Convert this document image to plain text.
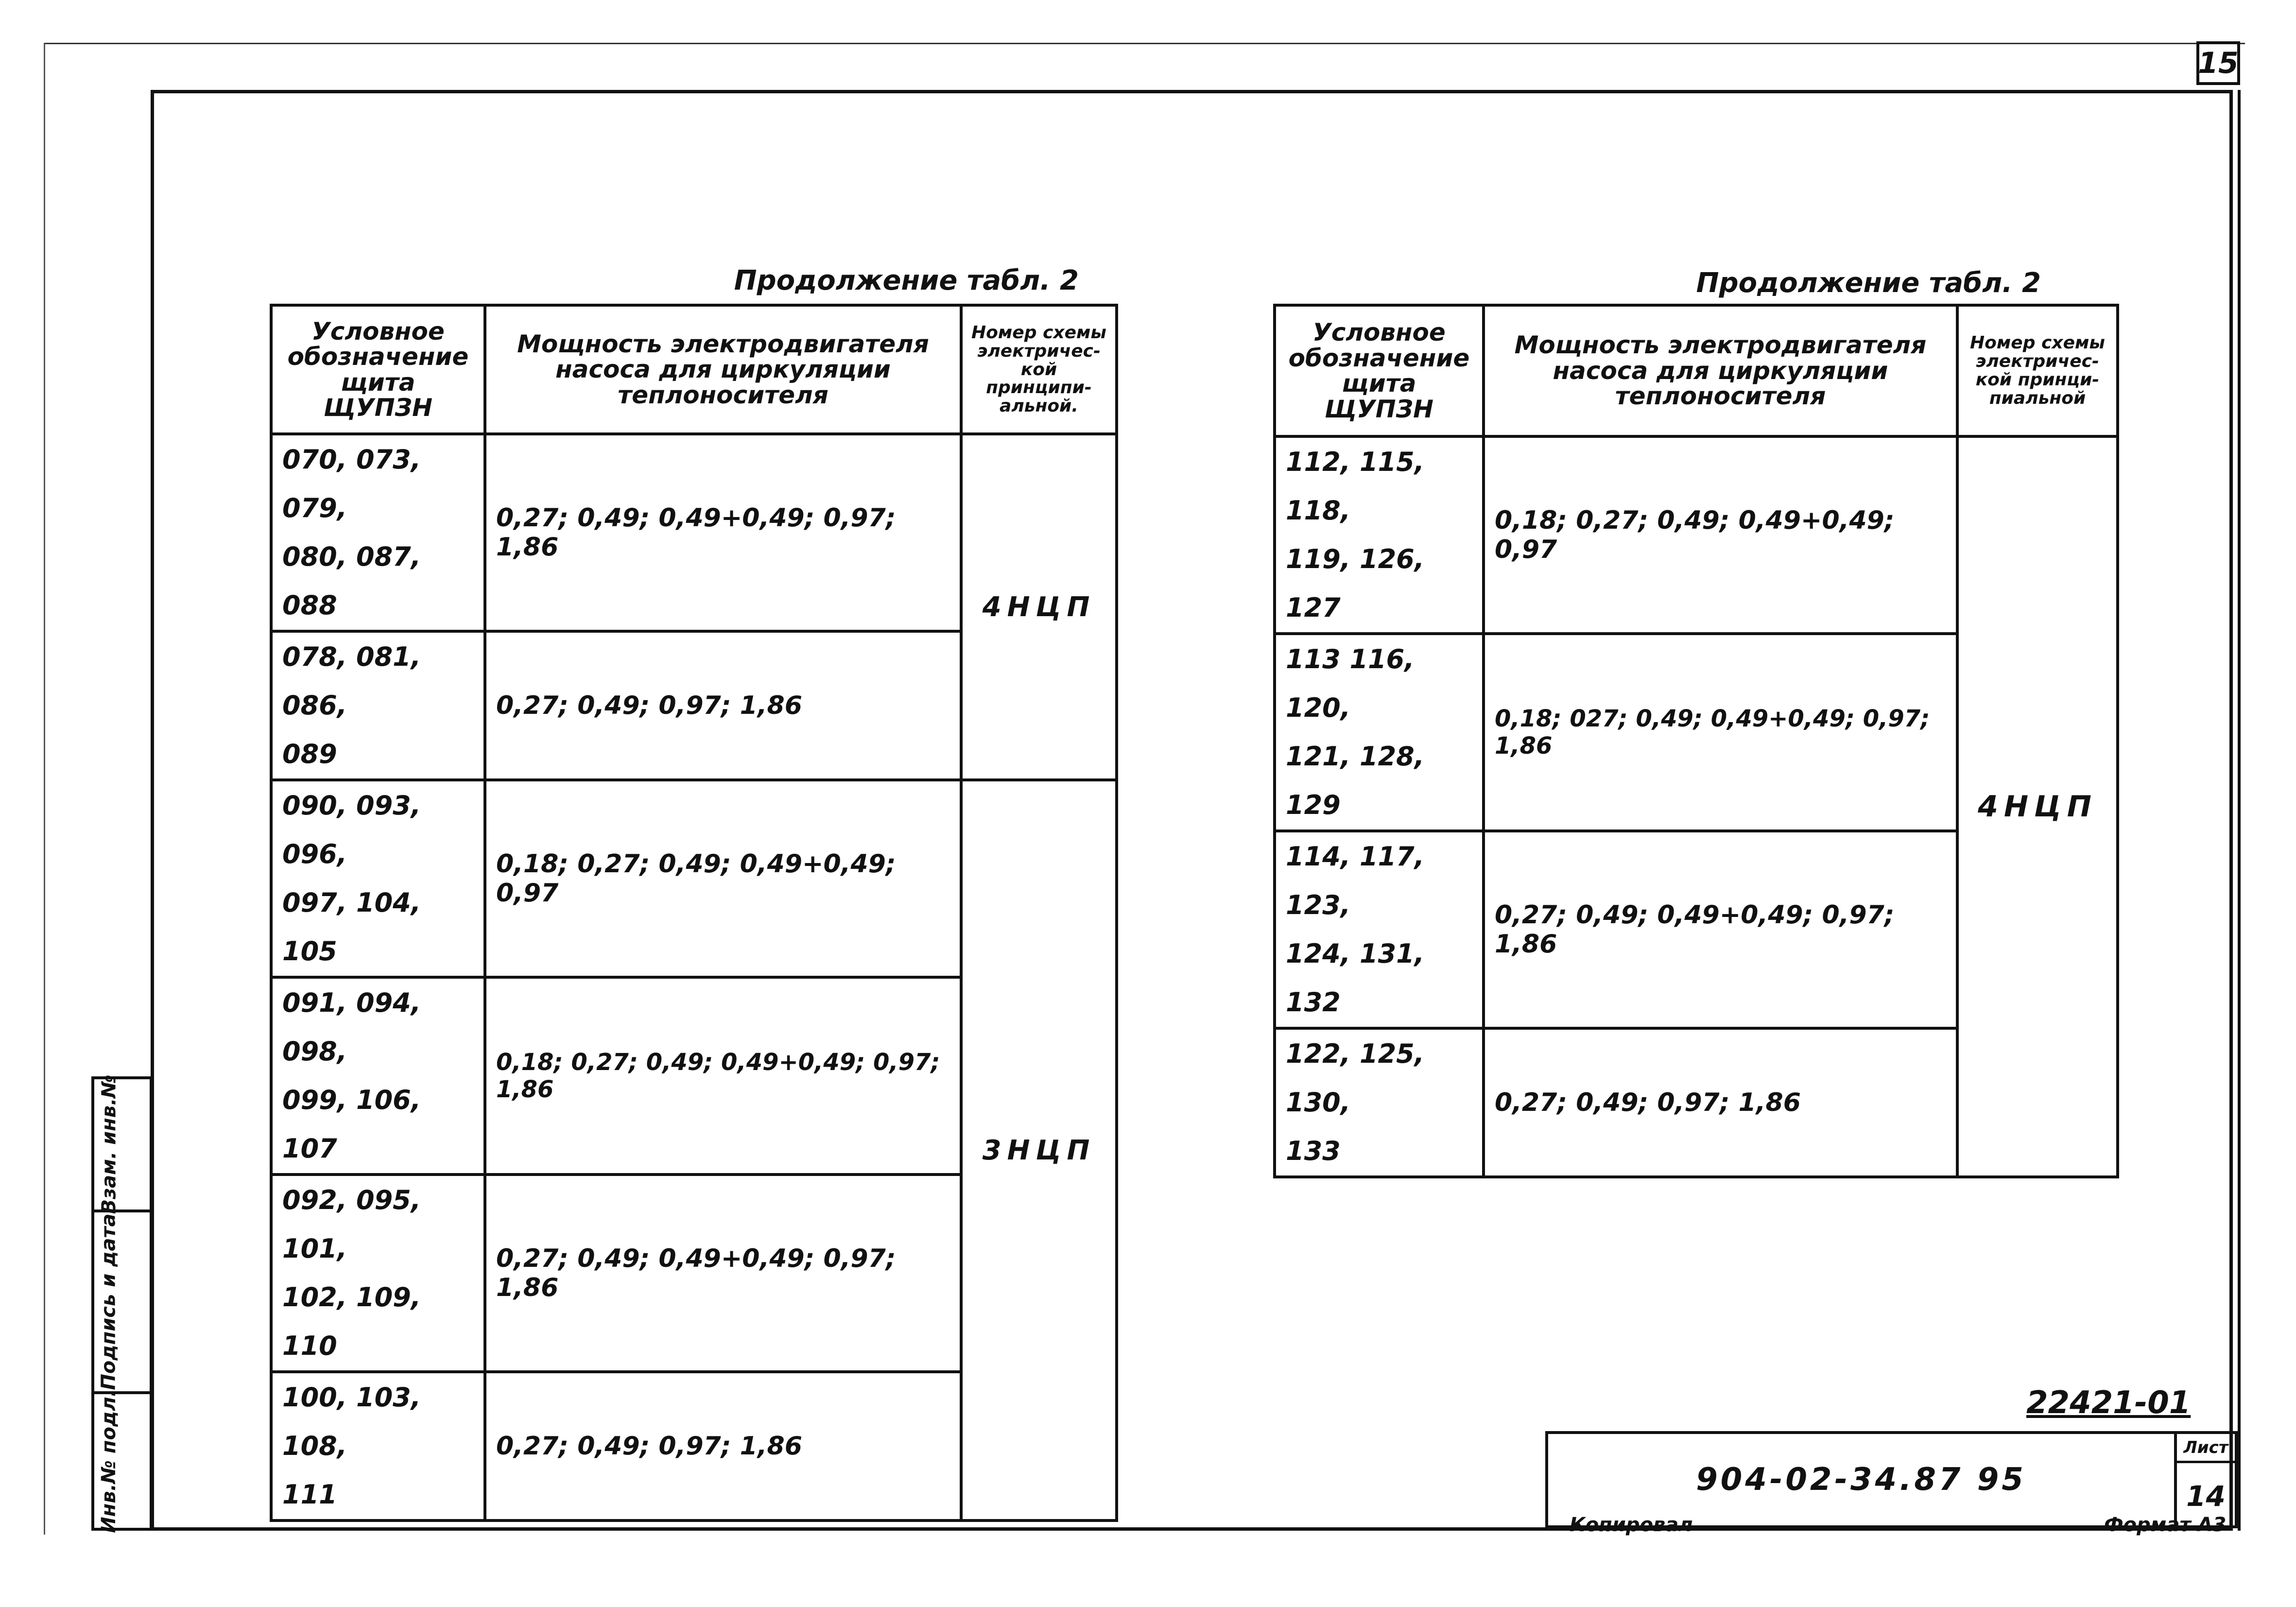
15
Продолжение табл. 2
Условное обозначение щита ЩУПЗН	Мощность электродвигателя насоса для циркуляции теплоносителя	Номер схемы электричес-кой принципи-альной.

070, 073, 079,
080, 087, 088	0,27; 0,49; 0,49+0,49; 0,97; 1,86	4НЦП

078, 081, 086,
089	0,27; 0,49; 0,97; 1,86	

090, 093, 096,
097, 104, 105	0,18; 0,27; 0,49; 0,49+0,49; 0,97	3НЦП

091, 094, 098,
099, 106, 107	0,18; 0,27; 0,49; 0,49+0,49; 0,97; 1,86	

092, 095, 101,
102, 109, 110	0,27; 0,49; 0,49+0,49; 0,97; 1,86	

100, 103, 108,
111	0,27; 0,49; 0,97; 1,86	
Продолжение табл. 2
Условное обозначение щита ЩУПЗН	Мощность электродвигателя насоса для циркуляции теплоносителя	Номер схемы электричес-кой принци-пиальной

112, 115, 118,
119, 126, 127	0,18; 0,27; 0,49; 0,49+0,49; 0,97	4НЦП

113 116, 120,
121, 128, 129	0,18; 027; 0,49; 0,49+0,49; 0,97; 1,86	

114, 117, 123,
124, 131, 132	0,27; 0,49; 0,49+0,49; 0,97; 1,86	

122, 125, 130,
133	0,27; 0,49; 0,97; 1,86	
Взам. инв.№
Подпись и дата
Инв.№ подл.	22421-01
904-02-34.87 95
Лист
14
Копировал	Формат А3
